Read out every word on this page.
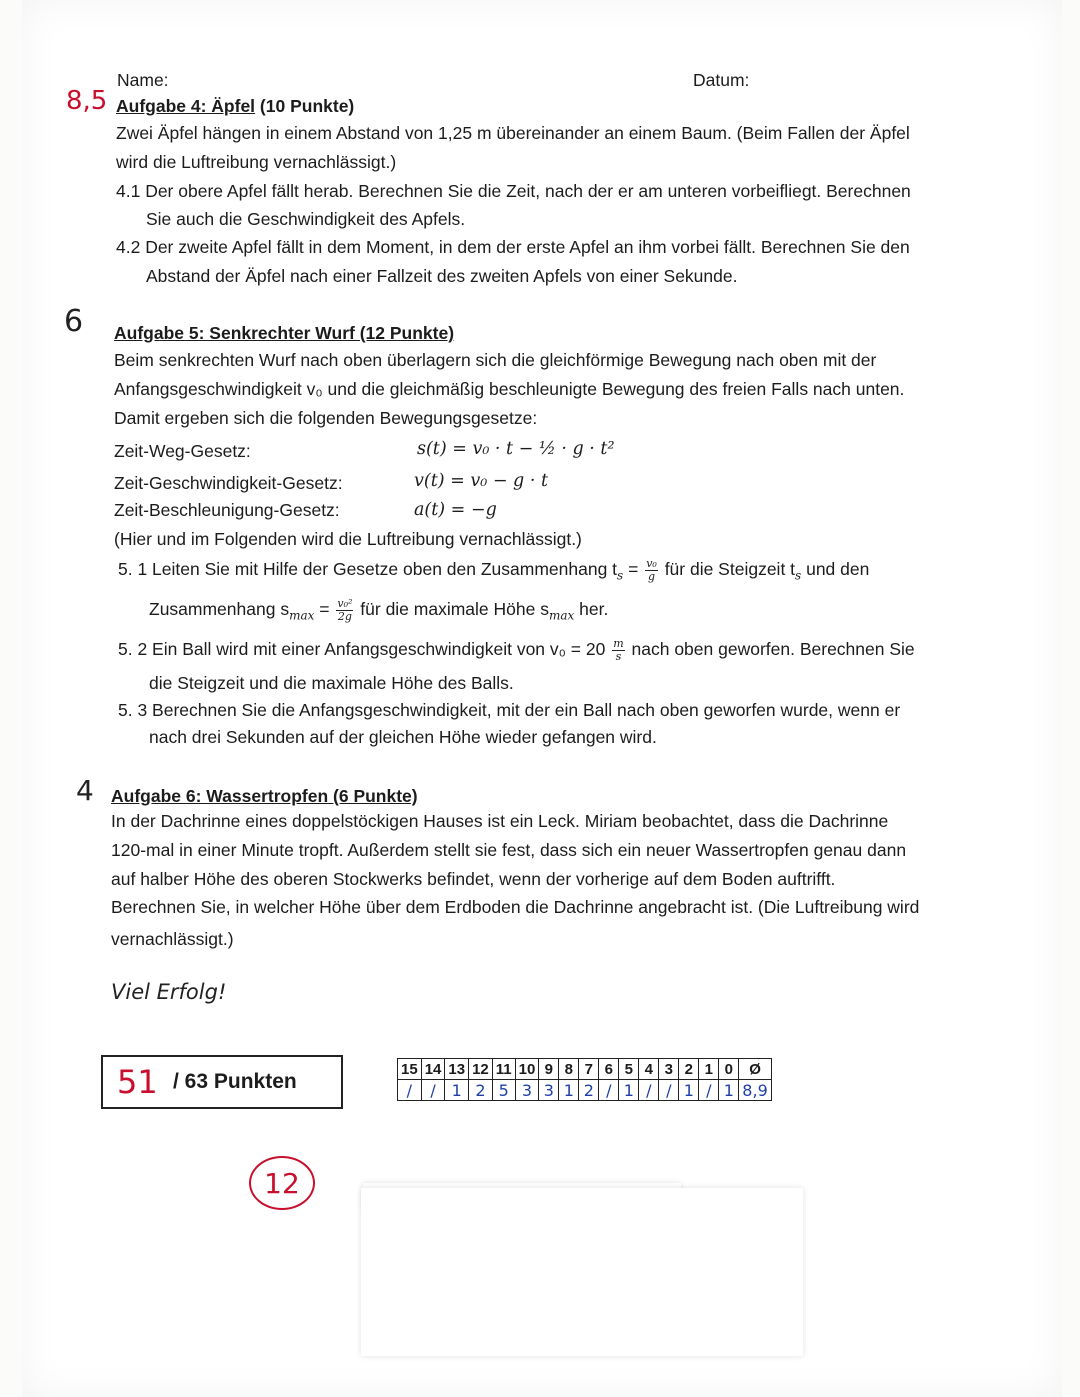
Name:	Datum:
8,5 Aufgabe 4: Äpfel (10 Punkte)
Zwei Äpfel hängen in einem Abstand von 1,25 m übereinander an einem Baum. (Beim Fallen der Äpfel
wird die Luftreibung vernachlässigt.)
4.1 Der obere Apfel fällt herab. Berechnen Sie die Zeit, nach der er am unteren vorbeifliegt. Berechnen
Sie auch die Geschwindigkeit des Apfels.
4.2 Der zweite Apfel fällt in dem Moment, in dem der erste Apfel an ihm vorbei fällt. Berechnen Sie den
Abstand der Äpfel nach einer Fallzeit des zweiten Apfels von einer Sekunde.
6 Aufgabe 5: Senkrechter Wurf (12 Punkte)
Beim senkrechten Wurf nach oben überlagern sich die gleichförmige Bewegung nach oben mit der
Anfangsgeschwindigkeit v₀ und die gleichmäßig beschleunigte Bewegung des freien Falls nach unten.
Damit ergeben sich die folgenden Bewegungsgesetze:
Zeit-Weg-Gesetz:	s(t) = v₀ · t − ½ · g · t²
Zeit-Geschwindigkeit-Gesetz:	v(t) = v₀ − g · t
Zeit-Beschleunigung-Gesetz:	a(t) = −g
(Hier und im Folgenden wird die Luftreibung vernachlässigt.)
5. 1 Leiten Sie mit Hilfe der Gesetze oben den Zusammenhang $t_s = \frac{\text{v₀}}{g}$ für die Steigzeit $t_s$ und den
Zusammenhang $s_{max} = \frac{\text{v₀²}}{2g}$ für die maximale Höhe $s_{max}$ her.
5. 2 Ein Ball wird mit einer Anfangsgeschwindigkeit von $v_0 = 20 \frac{m}{s}$ nach oben geworfen. Berechnen Sie
die Steigzeit und die maximale Höhe des Balls.
5. 3 Berechnen Sie die Anfangsgeschwindigkeit, mit der ein Ball nach oben geworfen wurde, wenn er
nach drei Sekunden auf der gleichen Höhe wieder gefangen wird.
4 Aufgabe 6: Wassertropfen (6 Punkte)
In der Dachrinne eines doppelstöckigen Hauses ist ein Leck. Miriam beobachtet, dass die Dachrinne
120-mal in einer Minute tropft. Außerdem stellt sie fest, dass sich ein neuer Wassertropfen genau dann
auf halber Höhe des oberen Stockwerks befindet, wenn der vorherige auf dem Boden auftrifft.
Berechnen Sie, in welcher Höhe über dem Erdboden die Dachrinne angebracht ist. (Die Luftreibung wird
vernachlässigt.)
Viel Erfolg!
51 / 63 Punkten
15	14	13	12	11	10	9	8	7	6	5	4	3	2	1	0	Ø
/	/	1	2	5	3	3	1	2	/	1	/	/	1	/	1	8,9
12
